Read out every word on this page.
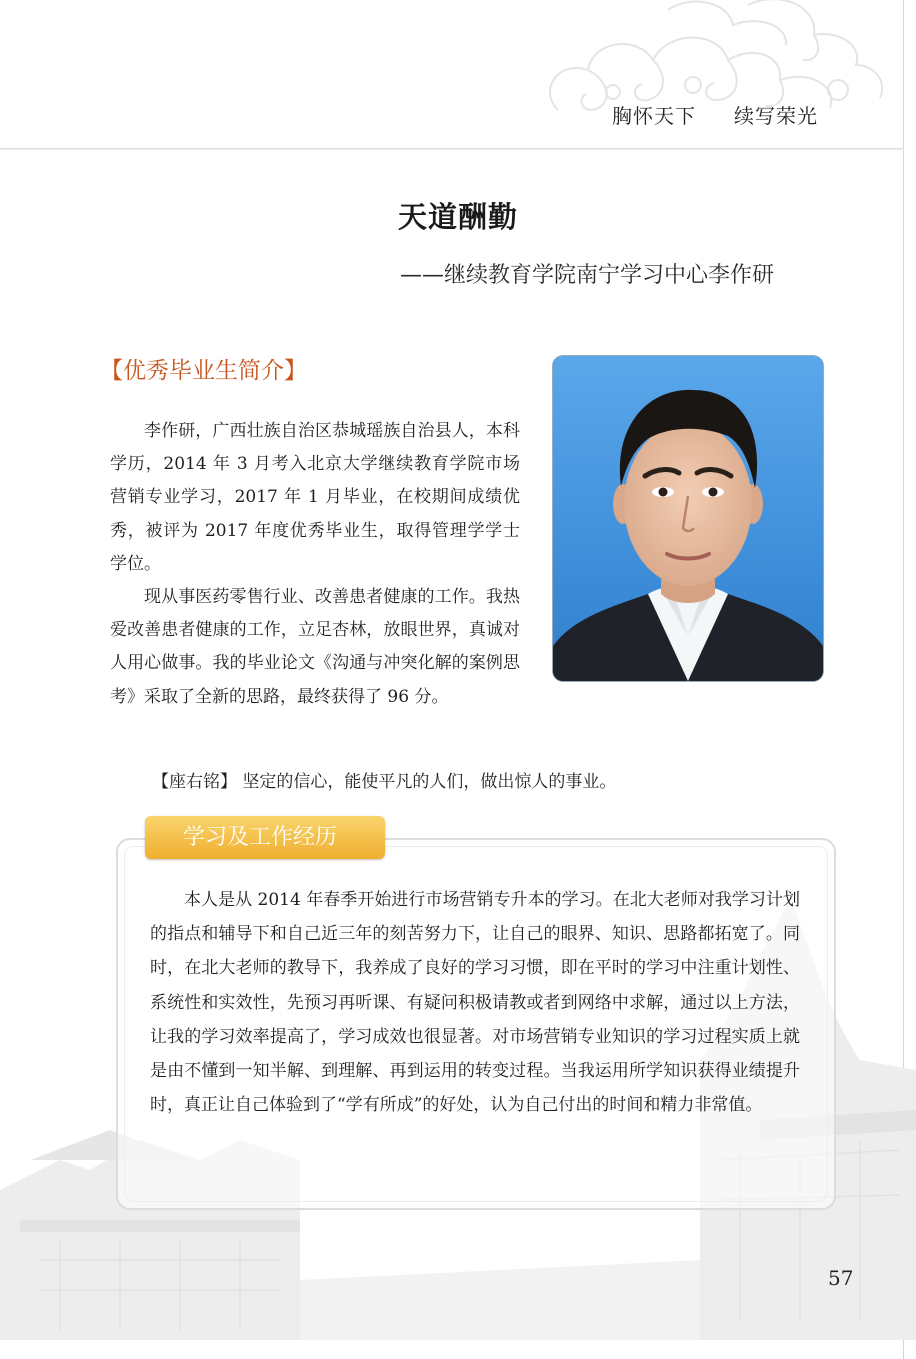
胸怀天下 续写荣光
天道酬勤
——继续教育学院南宁学习中心李作研
【优秀毕业生简介】

李作研，广西壮族自治区恭城瑶族自治县人，本科学历，2014 年 3 月考入北京大学继续教育学院市场营销专业学习，2017 年 1 月毕业，在校期间成绩优秀，被评为 2017 年度优秀毕业生，取得管理学学士学位。

现从事医药零售行业、改善患者健康的工作。我热爱改善患者健康的工作，立足杏林，放眼世界，真诚对人用心做事。我的毕业论文《沟通与冲突化解的案例思考》采取了全新的思路，最终获得了 96 分。

【座右铭】 坚定的信心，能使平凡的人们，做出惊人的事业。
学习及工作经历

本人是从 2014 年春季开始进行市场营销专升本的学习。在北大老师对我学习计划的指点和辅导下和自己近三年的刻苦努力下，让自己的眼界、知识、思路都拓宽了。同时，在北大老师的教导下，我养成了良好的学习习惯，即在平时的学习中注重计划性、系统性和实效性，先预习再听课、有疑问积极请教或者到网络中求解，通过以上方法，让我的学习效率提高了，学习成效也很显著。对市场营销专业知识的学习过程实质上就是由不懂到一知半解、到理解、再到运用的转变过程。当我运用所学知识获得业绩提升时，真正让自己体验到了“学有所成”的好处，认为自己付出的时间和精力非常值。

57
